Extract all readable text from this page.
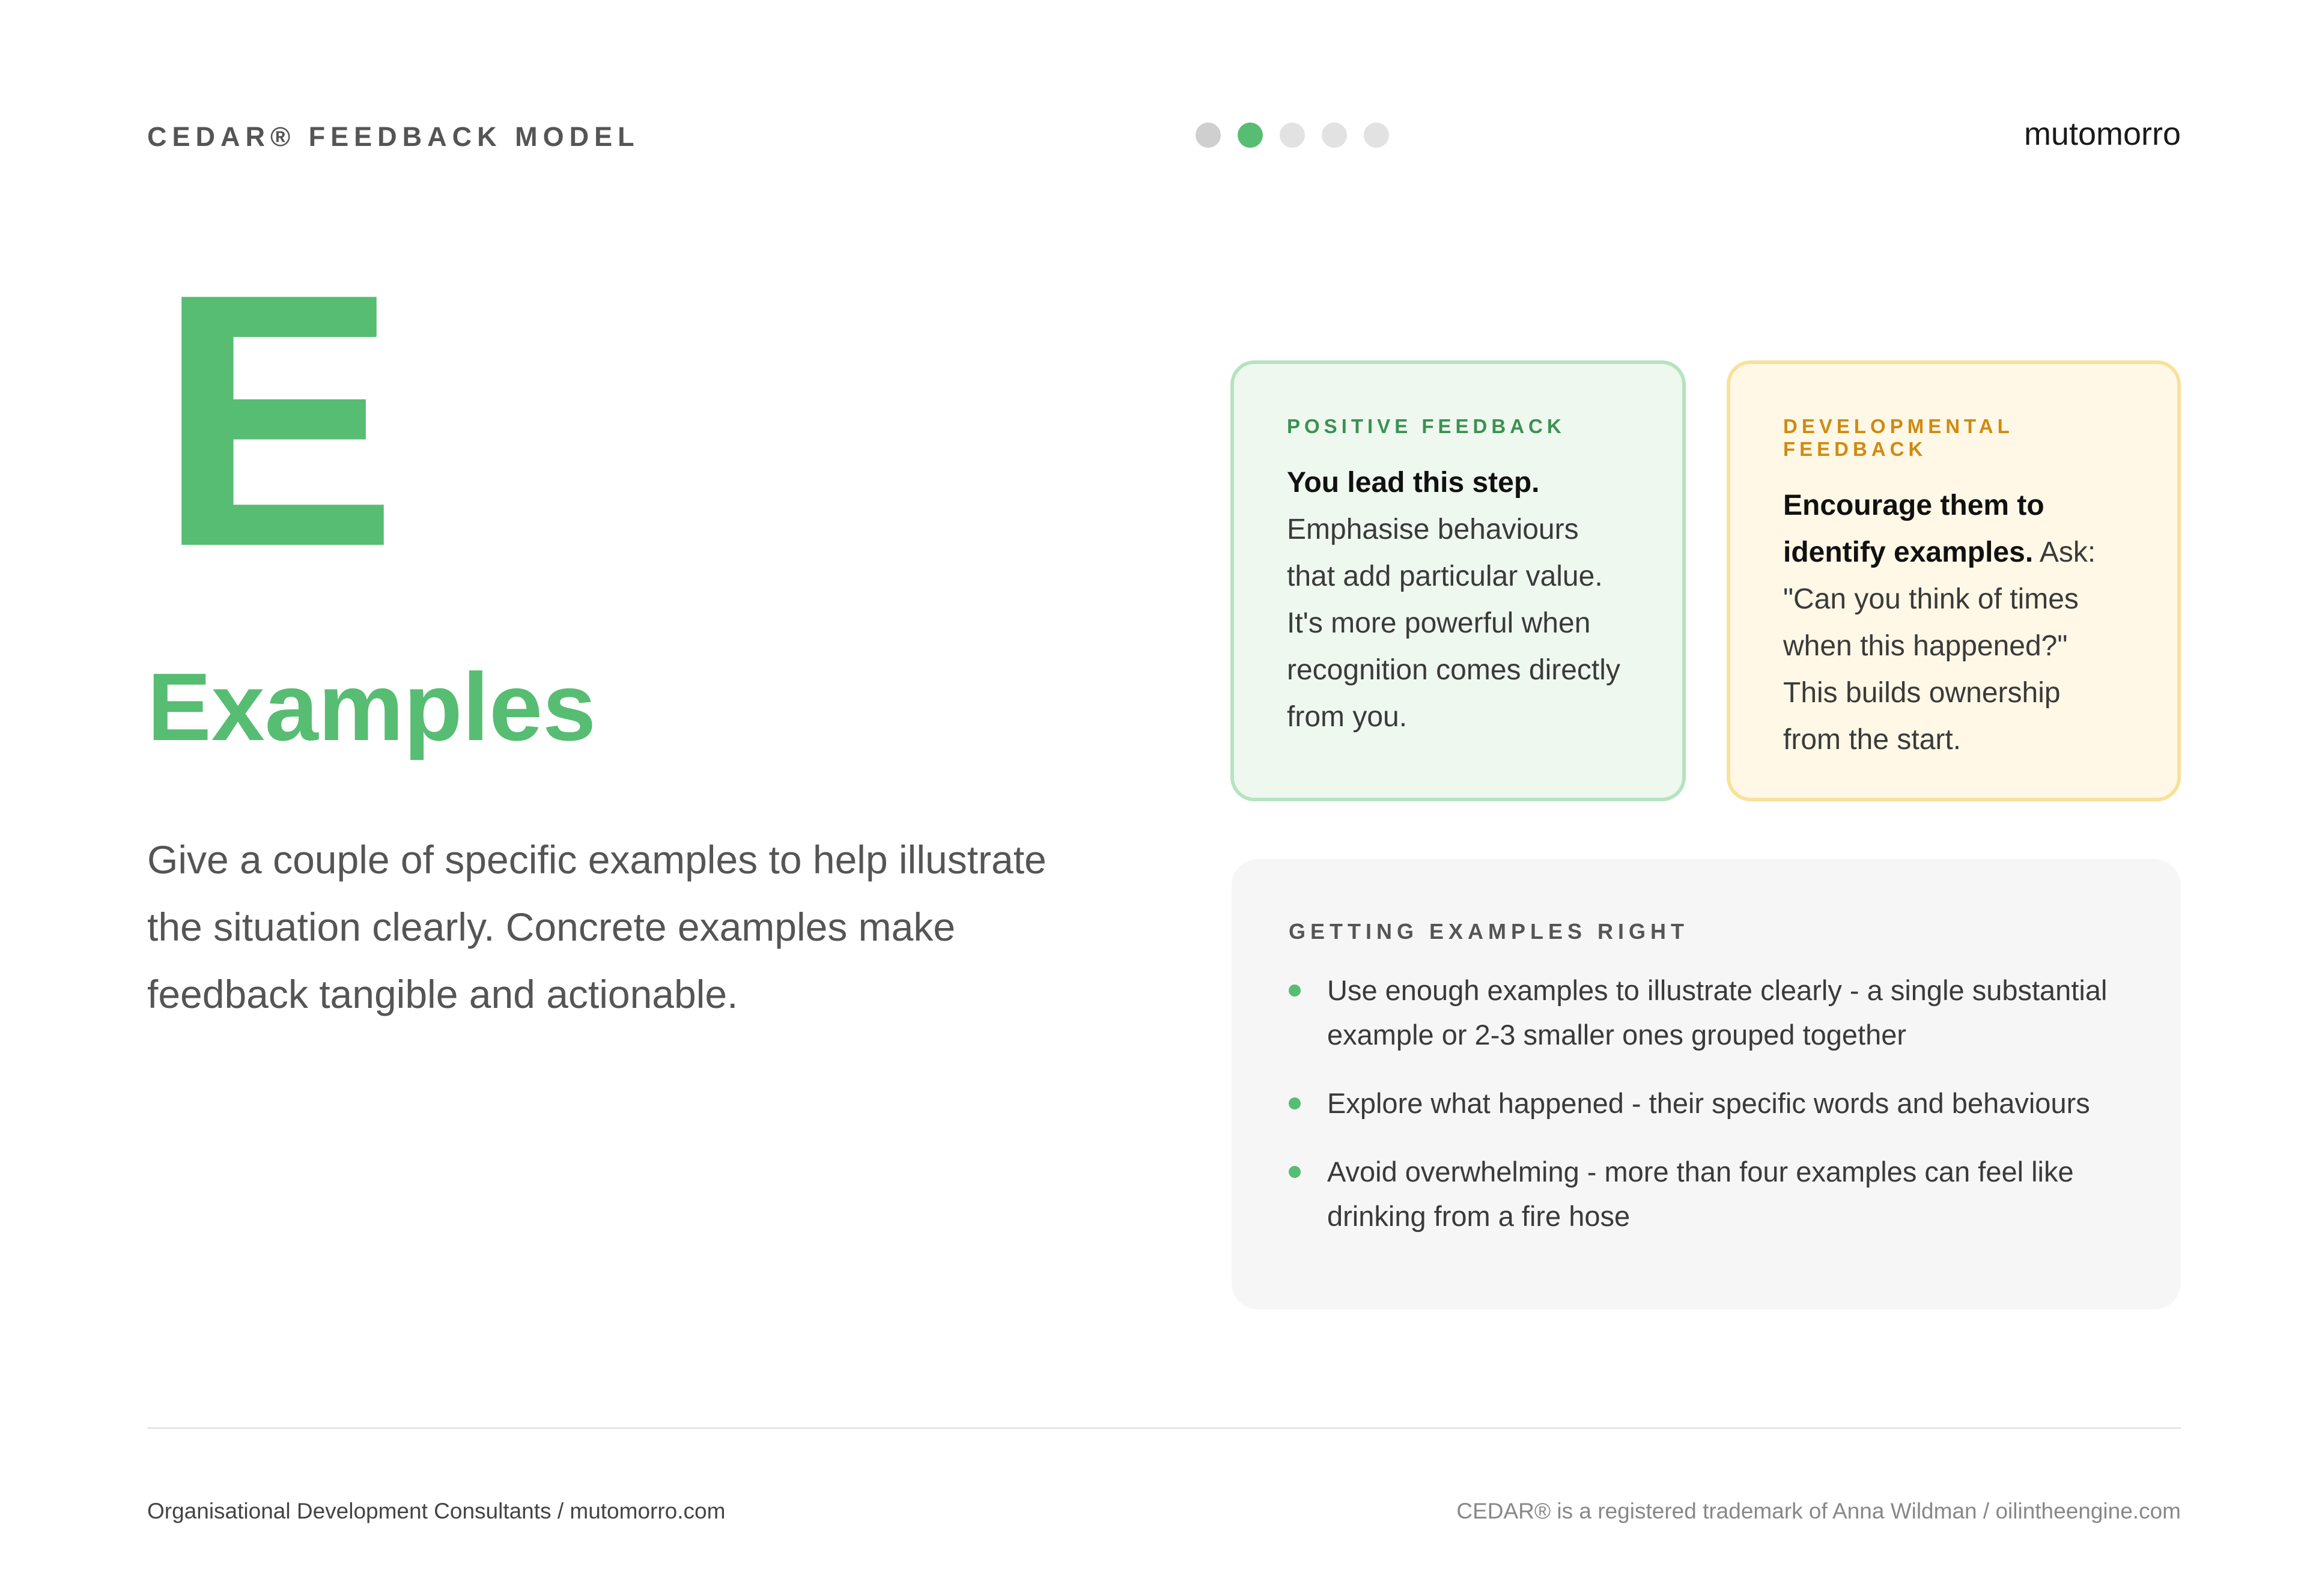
CEDAR® FEEDBACK MODEL	mutomorro
E
Examples
Give a couple of specific examples to help illustrate the situation clearly. Concrete examples make feedback tangible and actionable.
POSITIVE FEEDBACK
You lead this step. Emphasise behaviours that add particular value. It's more powerful when recognition comes directly from you.
DEVELOPMENTAL FEEDBACK
Encourage them to identify examples. Ask: "Can you think of times when this happened?" This builds ownership from the start.
GETTING EXAMPLES RIGHT
Use enough examples to illustrate clearly - a single substantial example or 2-3 smaller ones grouped together
Explore what happened - their specific words and behaviours
Avoid overwhelming - more than four examples can feel like drinking from a fire hose
Organisational Development Consultants / mutomorro.com	CEDAR® is a registered trademark of Anna Wildman / oilintheengine.com
